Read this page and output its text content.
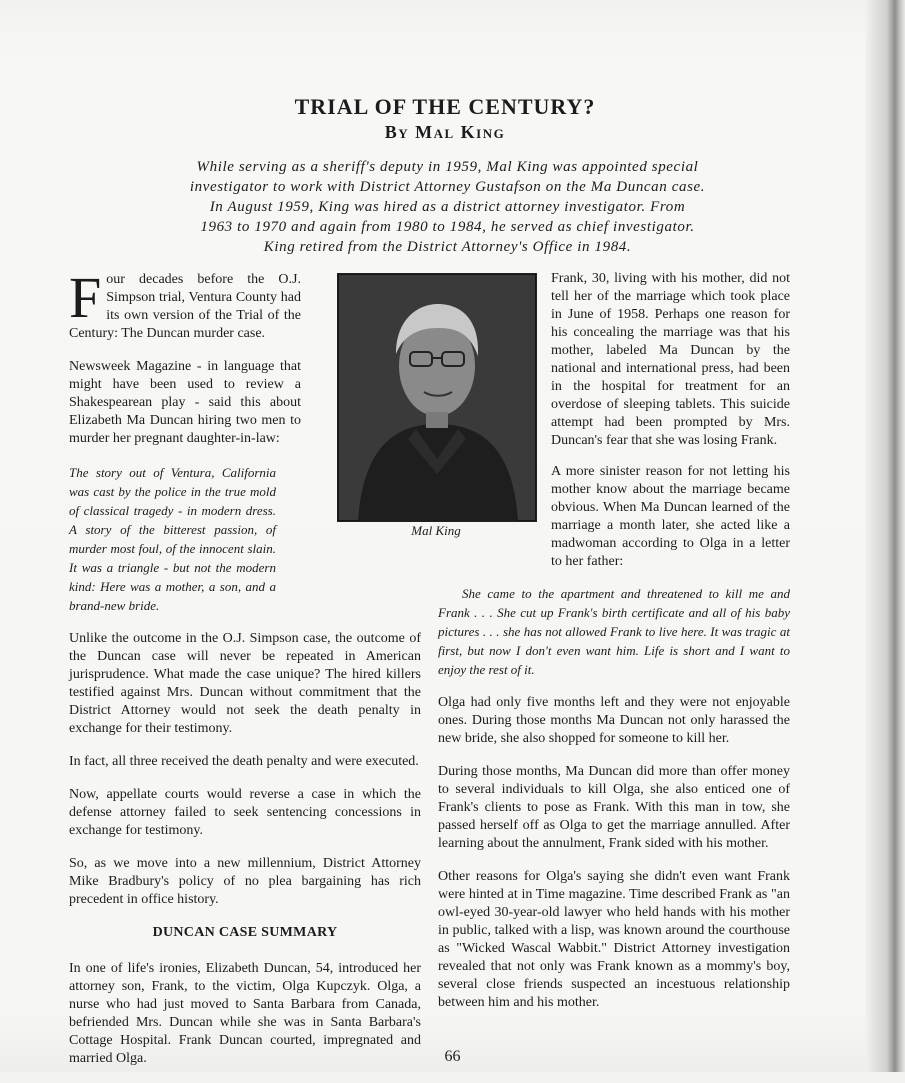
TRIAL OF THE CENTURY?
By Mal King
While serving as a sheriff's deputy in 1959, Mal King was appointed special
investigator to work with District Attorney Gustafson on the Ma Duncan case.
In August 1959, King was hired as a district attorney investigator. From
1963 to 1970 and again from 1980 to 1984, he served as chief investigator.
King retired from the District Attorney's Office in 1984.

Four decades before the O.J. Simpson trial, Ventura County had its own version of the Trial of the Century: The Duncan murder case.

Newsweek Magazine - in language that might have been used to review a Shakespearean play - said this about Elizabeth Ma Duncan hiring two men to murder her pregnant daughter-in-law:

The story out of Ventura, California was cast by the police in the true mold of classical tragedy - in modern dress. A story of the bitterest passion, of murder most foul, of the innocent slain. It was a triangle - but not the modern kind: Here was a mother, a son, and a brand-new bride.

Unlike the outcome in the O.J. Simpson case, the outcome of the Duncan case will never be repeated in American jurisprudence. What made the case unique? The hired killers testified against Mrs. Duncan without commitment that the District Attorney would not seek the death penalty in exchange for their testimony.

In fact, all three received the death penalty and were executed.

Now, appellate courts would reverse a case in which the defense attorney failed to seek sentencing concessions in exchange for testimony.

So, as we move into a new millennium, District Attorney Mike Bradbury's policy of no plea bargaining has rich precedent in office history.

DUNCAN CASE SUMMARY

In one of life's ironies, Elizabeth Duncan, 54, introduced her attorney son, Frank, to the victim, Olga Kupczyk. Olga, a nurse who had just moved to Santa Barbara from Canada, befriended Mrs. Duncan while she was in Santa Barbara's Cottage Hospital. Frank Duncan courted, impregnated and married Olga.

Mal King

Frank, 30, living with his mother, did not tell her of the marriage which took place in June of 1958. Perhaps one reason for his concealing the marriage was that his mother, labeled Ma Duncan by the national and international press, had been in the hospital for treatment for an overdose of sleeping tablets. This suicide attempt had been prompted by Mrs. Duncan's fear that she was losing Frank.

A more sinister reason for not letting his mother know about the marriage became obvious. When Ma Duncan learned of the marriage a month later, she acted like a madwoman according to Olga in a letter to her father:

She came to the apartment and threatened to kill me and Frank . . . She cut up Frank's birth certificate and all of his baby pictures . . . she has not allowed Frank to live here. It was tragic at first, but now I don't even want him. Life is short and I want to enjoy the rest of it.

Olga had only five months left and they were not enjoyable ones. During those months Ma Duncan not only harassed the new bride, she also shopped for someone to kill her.

During those months, Ma Duncan did more than offer money to several individuals to kill Olga, she also enticed one of Frank's clients to pose as Frank. With this man in tow, she passed herself off as Olga to get the marriage annulled. After learning about the annulment, Frank sided with his mother.

Other reasons for Olga's saying she didn't even want Frank were hinted at in Time magazine. Time described Frank as "an owl-eyed 30-year-old lawyer who held hands with his mother in public, talked with a lisp, was known around the courthouse as "Wicked Wascal Wabbit." District Attorney investigation revealed that not only was Frank known as a mommy's boy, several close friends suspected an incestuous relationship between him and his mother.

66
